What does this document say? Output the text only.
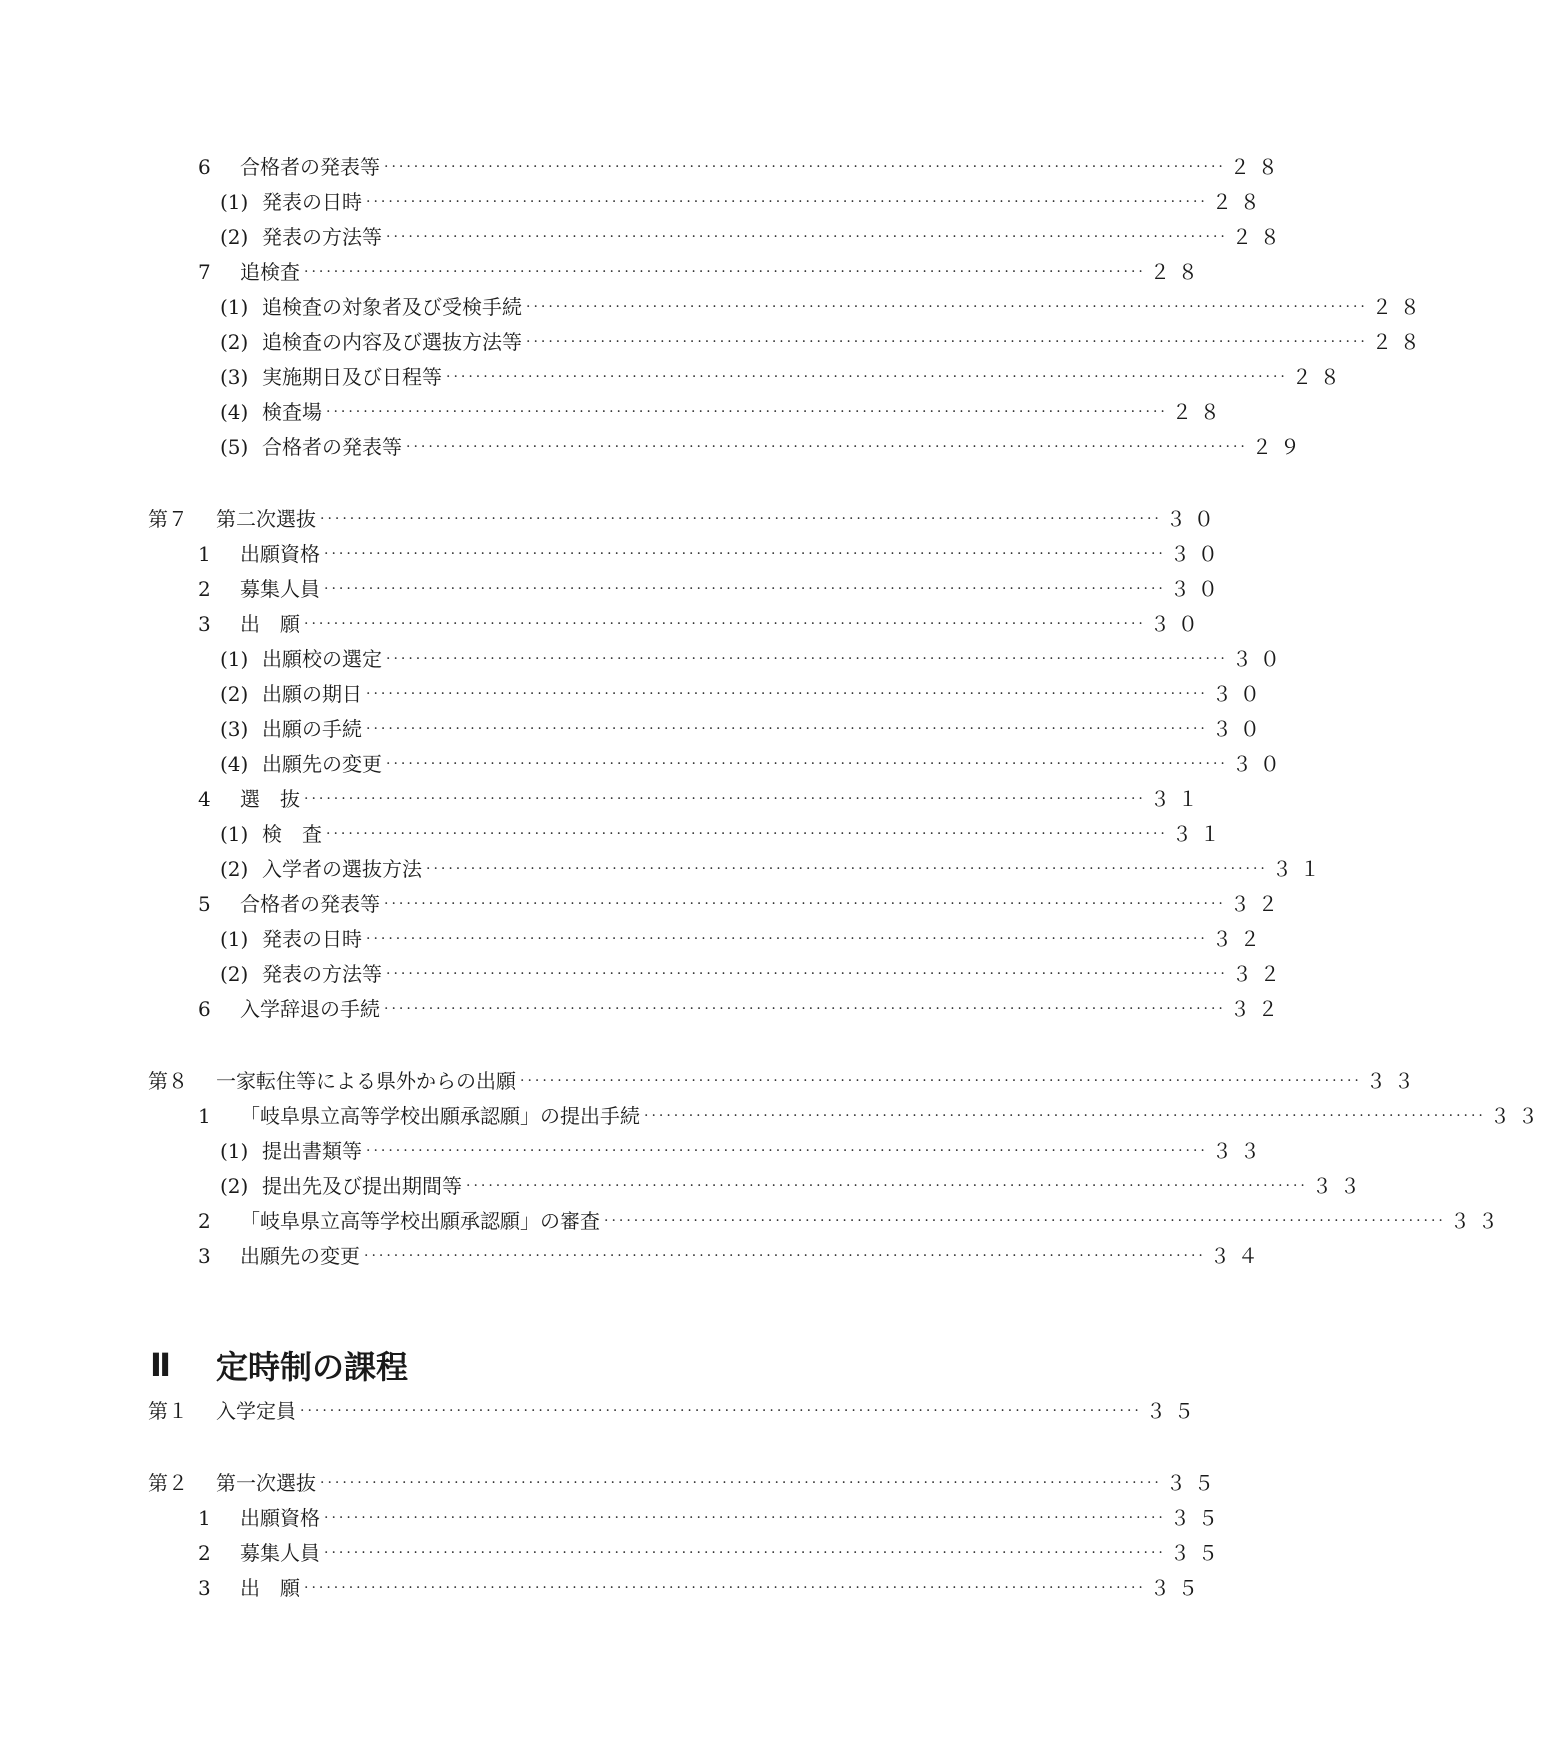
6	合格者の発表等 ················································································································· ２８
(1) 発表の日時 ················································································································· ２８
(2) 発表の方法等 ················································································································· ２８
7	追検査 ················································································································· ２８
(1) 追検査の対象者及び受検手続 ················································································································· ２８
(2) 追検査の内容及び選抜方法等 ················································································································· ２８
(3) 実施期日及び日程等 ················································································································· ２８
(4) 検査場 ················································································································· ２８
(5) 合格者の発表等 ················································································································· ２９
第７	第二次選抜 ················································································································· ３０
1	出願資格 ················································································································· ３０
2	募集人員 ················································································································· ３０
3	出　願 ················································································································· ３０
(1) 出願校の選定 ················································································································· ３０
(2) 出願の期日 ················································································································· ３０
(3) 出願の手続 ················································································································· ３０
(4) 出願先の変更 ················································································································· ３０
4	選　抜 ················································································································· ３１
(1) 検　査 ················································································································· ３１
(2) 入学者の選抜方法 ················································································································· ３１
5	合格者の発表等 ················································································································· ３２
(1) 発表の日時 ················································································································· ３２
(2) 発表の方法等 ················································································································· ３２
6	入学辞退の手続 ················································································································· ３２
第８	一家転住等による県外からの出願 ················································································································· ３３
1	「岐阜県立高等学校出願承認願」の提出手続 ················································································································· ３３
(1) 提出書類等 ················································································································· ３３
(2) 提出先及び提出期間等 ················································································································· ３３
2	「岐阜県立高等学校出願承認願」の審査 ················································································································· ３３
3	出願先の変更 ················································································································· ３４
Ⅱ	定時制の課程
第１	入学定員 ················································································································· ３５
第２	第一次選抜 ················································································································· ３５
1	出願資格 ················································································································· ３５
2	募集人員 ················································································································· ３５
3	出　願 ················································································································· ３５
